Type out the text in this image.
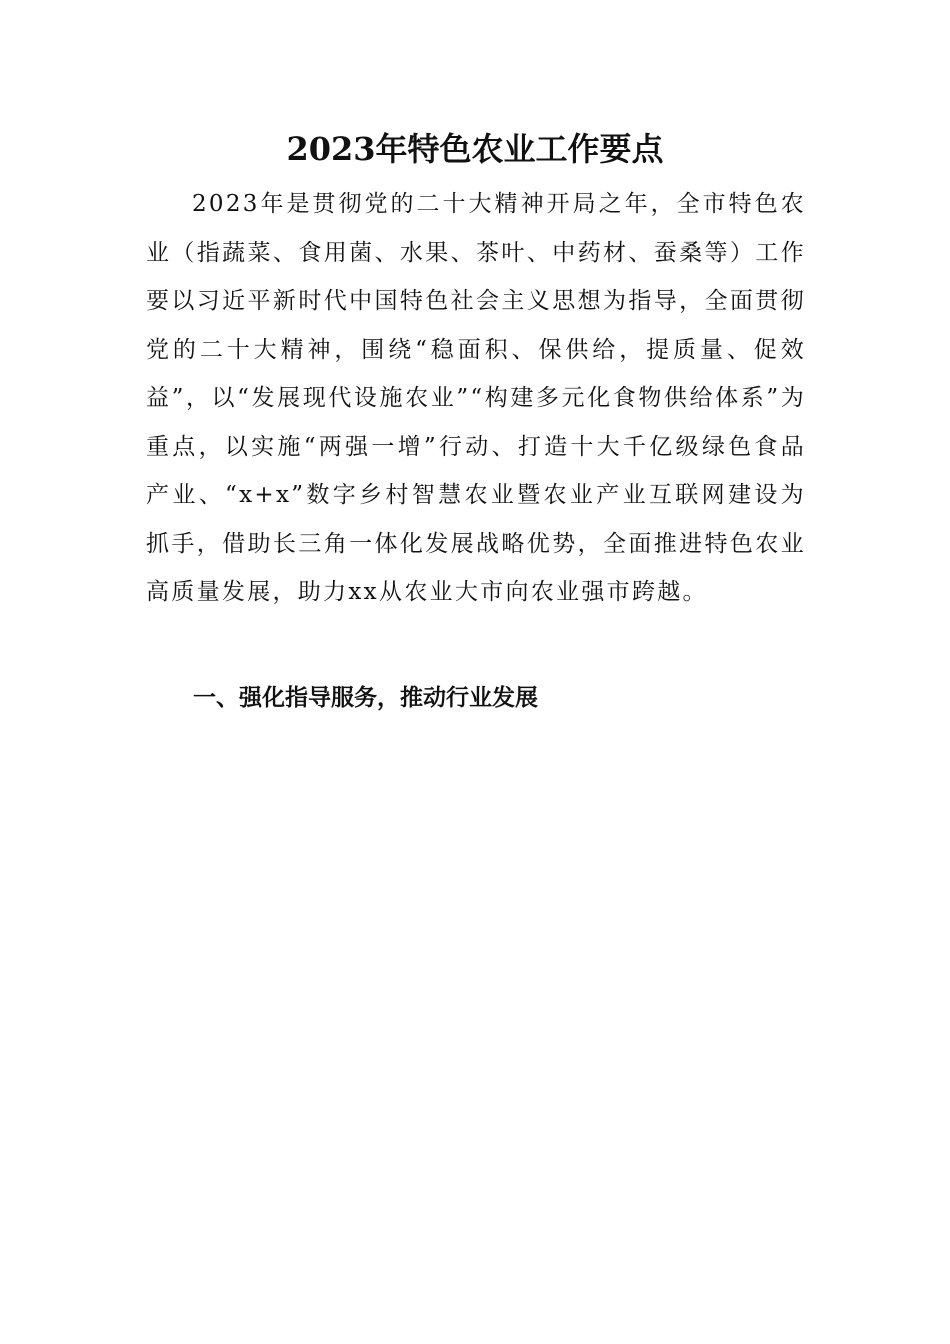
2023年特色农业工作要点

2023年是贯彻党的二十大精神开局之年，全市特色农业（指蔬菜、食用菌、水果、茶叶、中药材、蚕桑等）工作要以习近平新时代中国特色社会主义思想为指导，全面贯彻党的二十大精神，围绕“稳面积、保供给，提质量、促效益”，以“发展现代设施农业”“构建多元化食物供给体系”为重点，以实施“两强一增”行动、打造十大千亿级绿色食品产业、“x+x”数字乡村智慧农业暨农业产业互联网建设为抓手，借助长三角一体化发展战略优势，全面推进特色农业高质量发展，助力xx从农业大市向农业强市跨越。

一、强化指导服务，推动行业发展
